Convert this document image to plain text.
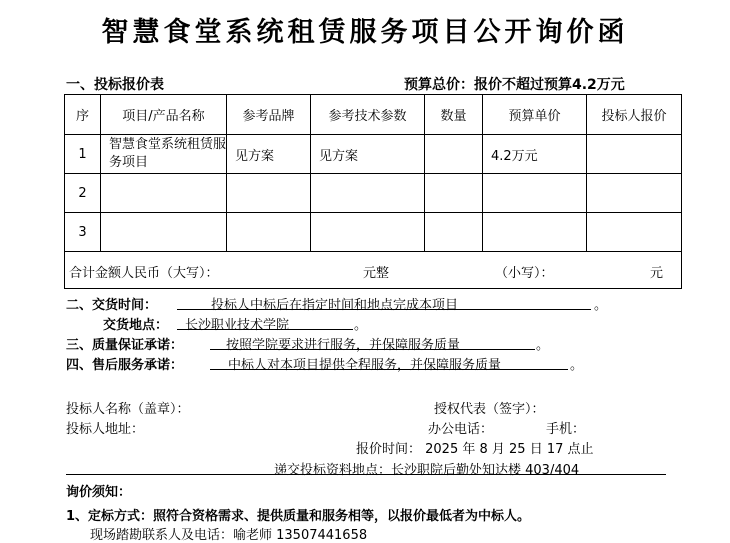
智慧食堂系统租赁服务项目公开询价函
一、投标报价表	预算总价：报价不超过预算4.2万元
序	项目/产品名称	参考品牌	参考技术参数	数量	预算单价	投标人报价
1	智慧食堂系统租赁服务项目	见方案	见方案		4.2万元	
2						
3						

合计金额人民币（大写）： 元整 （小写）： 元						
二、交货时间：	投标人中标后在指定时间和地点完成本项目	。
交货地点：	长沙职业技术学院	。
三、质量保证承诺：	按照学院要求进行服务，并保障服务质量	。
四、售后服务承诺：	中标人对本项目提供全程服务，并保障服务质量	。
投标人名称（盖章）：	授权代表（签字）：
投标人地址：	办公电话：	手机：
报价时间： 2025 年 8 月 25 日 17 点止
递交投标资料地点：长沙职院后勤处知达楼 403/404
询价须知：
1、定标方式：照符合资格需求、提供质量和服务相等，以报价最低者为中标人。
现场踏勘联系人及电话：喻老师 13507441658
